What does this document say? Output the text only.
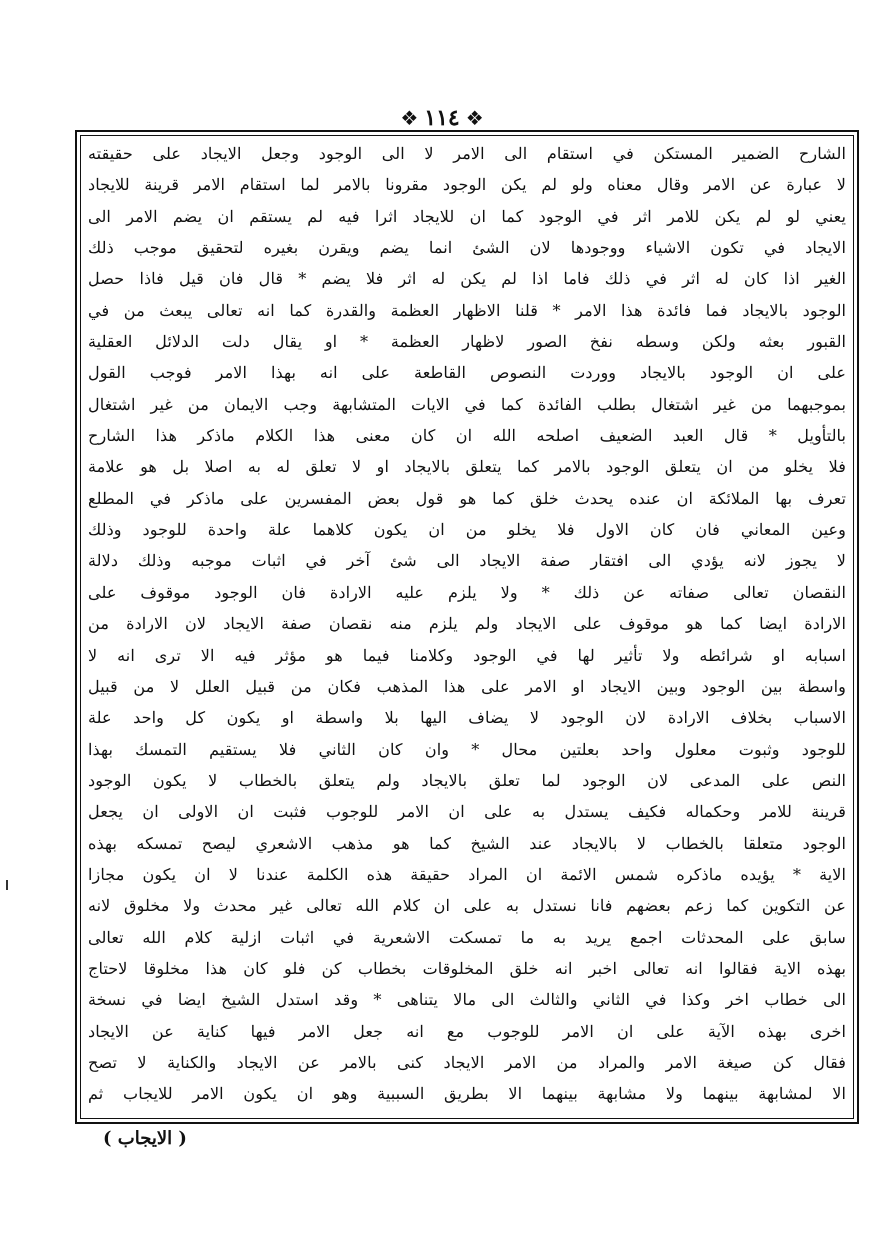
❖ ١١٤ ❖
الشارح الضمير المستكن في استقام الى الامر لا الى الوجود وجعل الايجاد على حقيقته
لا عبارة عن الامر وقال معناه ولو لم يكن الوجود مقرونا بالامر لما استقام الامر قرينة للايجاد
يعني لو لم يكن للامر اثر في الوجود كما ان للايجاد اثرا فيه لم يستقم ان يضم الامر الى
الايجاد في تكون الاشياء ووجودها لان الشئ انما يضم ويقرن بغيره لتحقيق موجب ذلك
الغير اذا كان له اثر في ذلك فاما اذا لم يكن له اثر فلا يضم * قال فان قيل فاذا حصل
الوجود بالايجاد فما فائدة هذا الامر * قلنا الاظهار العظمة والقدرة كما انه تعالى يبعث من في
القبور بعثه ولكن وسطه نفخ الصور لاظهار العظمة * او يقال دلت الدلائل العقلية
على ان الوجود بالايجاد ووردت النصوص القاطعة على انه بهذا الامر فوجب القول
بموجبهما من غير اشتغال بطلب الفائدة كما في الايات المتشابهة وجب الايمان من غير اشتغال
بالتأويل * قال العبد الضعيف اصلحه الله ان كان معنى هذا الكلام ماذكر هذا الشارح
فلا يخلو من ان يتعلق الوجود بالامر كما يتعلق بالايجاد او لا تعلق له به اصلا بل هو علامة
تعرف بها الملائكة ان عنده يحدث خلق كما هو قول بعض المفسرين على ماذكر في المطلع
وعين المعاني فان كان الاول فلا يخلو من ان يكون كلاهما علة واحدة للوجود وذلك
لا يجوز لانه يؤدي الى افتقار صفة الايجاد الى شئ آخر في اثبات موجبه وذلك دلالة
النقصان تعالى صفاته عن ذلك * ولا يلزم عليه الارادة فان الوجود موقوف على
الارادة ايضا كما هو موقوف على الايجاد ولم يلزم منه نقصان صفة الايجاد لان الارادة من
اسبابه او شرائطه ولا تأثير لها في الوجود وكلامنا فيما هو مؤثر فيه الا ترى انه لا
واسطة بين الوجود وبين الايجاد او الامر على هذا المذهب فكان من قبيل العلل لا من قبيل
الاسباب بخلاف الارادة لان الوجود لا يضاف اليها بلا واسطة او يكون كل واحد علة
للوجود وثبوت معلول واحد بعلتين محال * وان كان الثاني فلا يستقيم التمسك بهذا
النص على المدعى لان الوجود لما تعلق بالايجاد ولم يتعلق بالخطاب لا يكون الوجود
قرينة للامر وحكماله فكيف يستدل به على ان الامر للوجوب فثبت ان الاولى ان يجعل
الوجود متعلقا بالخطاب لا بالايجاد عند الشيخ كما هو مذهب الاشعري ليصح تمسكه بهذه
الاية * يؤيده ماذكره شمس الائمة ان المراد حقيقة هذه الكلمة عندنا لا ان يكون مجازا
عن التكوين كما زعم بعضهم فانا نستدل به على ان كلام الله تعالى غير محدث ولا مخلوق لانه
سابق على المحدثات اجمع يريد به ما تمسكت الاشعرية في اثبات ازلية كلام الله تعالى
بهذه الاية فقالوا انه تعالى اخبر انه خلق المخلوقات بخطاب كن فلو كان هذا مخلوقا لاحتاج
الى خطاب اخر وكذا في الثاني والثالث الى مالا يتناهى * وقد استدل الشيخ ايضا في نسخة
اخرى بهذه الآية على ان الامر للوجوب مع انه جعل الامر فيها كناية عن الايجاد
فقال كن صيغة الامر والمراد من الامر الايجاد كنى بالامر عن الايجاد والكناية لا تصح
الا لمشابهة بينهما ولا مشابهة بينهما الا بطريق السببية وهو ان يكون الامر للايجاب ثم
( الايجاب )
